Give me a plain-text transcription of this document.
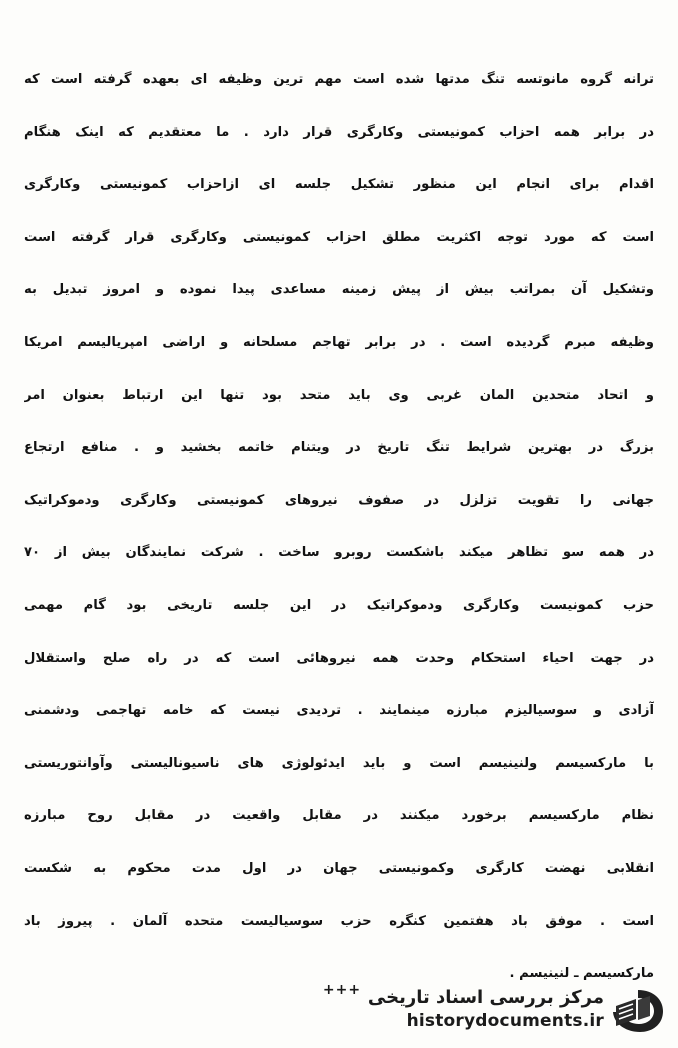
ترانه گروه مانوتسه تنگ مدتها شده است مهم ترین وظیفه ای بعهده گرفته است که
در برابر همه احزاب کمونیستی وکارگری قرار دارد . ما معتقدیم که اینک هنگام
اقدام برای انجام این منظور تشکیل جلسه ای ازاحزاب کمونیستی وکارگری
است که مورد توجه اکثریت مطلق احزاب کمونیستی وکارگری قرار گرفته است
وتشکیل آن بمراتب بیش از پیش زمینه مساعدی پیدا نموده و امروز تبدیل به
وظیفه مبرم گردیده است . در برابر تهاجم مسلحانه و اراضی امپریالیسم امریکا
و اتحاد متحدین المان غربی وی باید متحد بود تنها این ارتباط بعنوان امر
بزرگ در بهترین شرایط تنگ تاریخ در ویتنام خاتمه بخشید و . منافع ارتجاع
جهانی را تقویت تزلزل در صفوف نیروهای کمونیستی وکارگری ودموکراتیک
در همه سو تظاهر میکند باشکست روبرو ساخت . شرکت نمایندگان بیش از ۷۰
حزب کمونیست وکارگری ودموکراتیک در این جلسه تاریخی بود گام مهمی
در جهت احیاء استحکام وحدت همه نیروهائی است که در راه صلح واستقلال
آزادی و سوسیالیزم مبارزه مینمایند . تردیدی نیست که خامه تهاجمی ودشمنی
با مارکسیسم ولنینیسم است و باید ایدئولوژی های ناسیونالیستی وآوانتوریستی
نظام مارکسیسم برخورد میکنند در مقابل واقعیت در مقابل روح مبارزه
انقلابی نهضت کارگری وکمونیستی جهان در اول مدت محکوم به شکست
است . موفق باد هفتمین کنگره حزب سوسیالیست متحده آلمان . پیروز باد
مارکسیسم ـ لنینیسم .
+++ مرکز بررسی اسناد تاریخی
historydocuments.ir
